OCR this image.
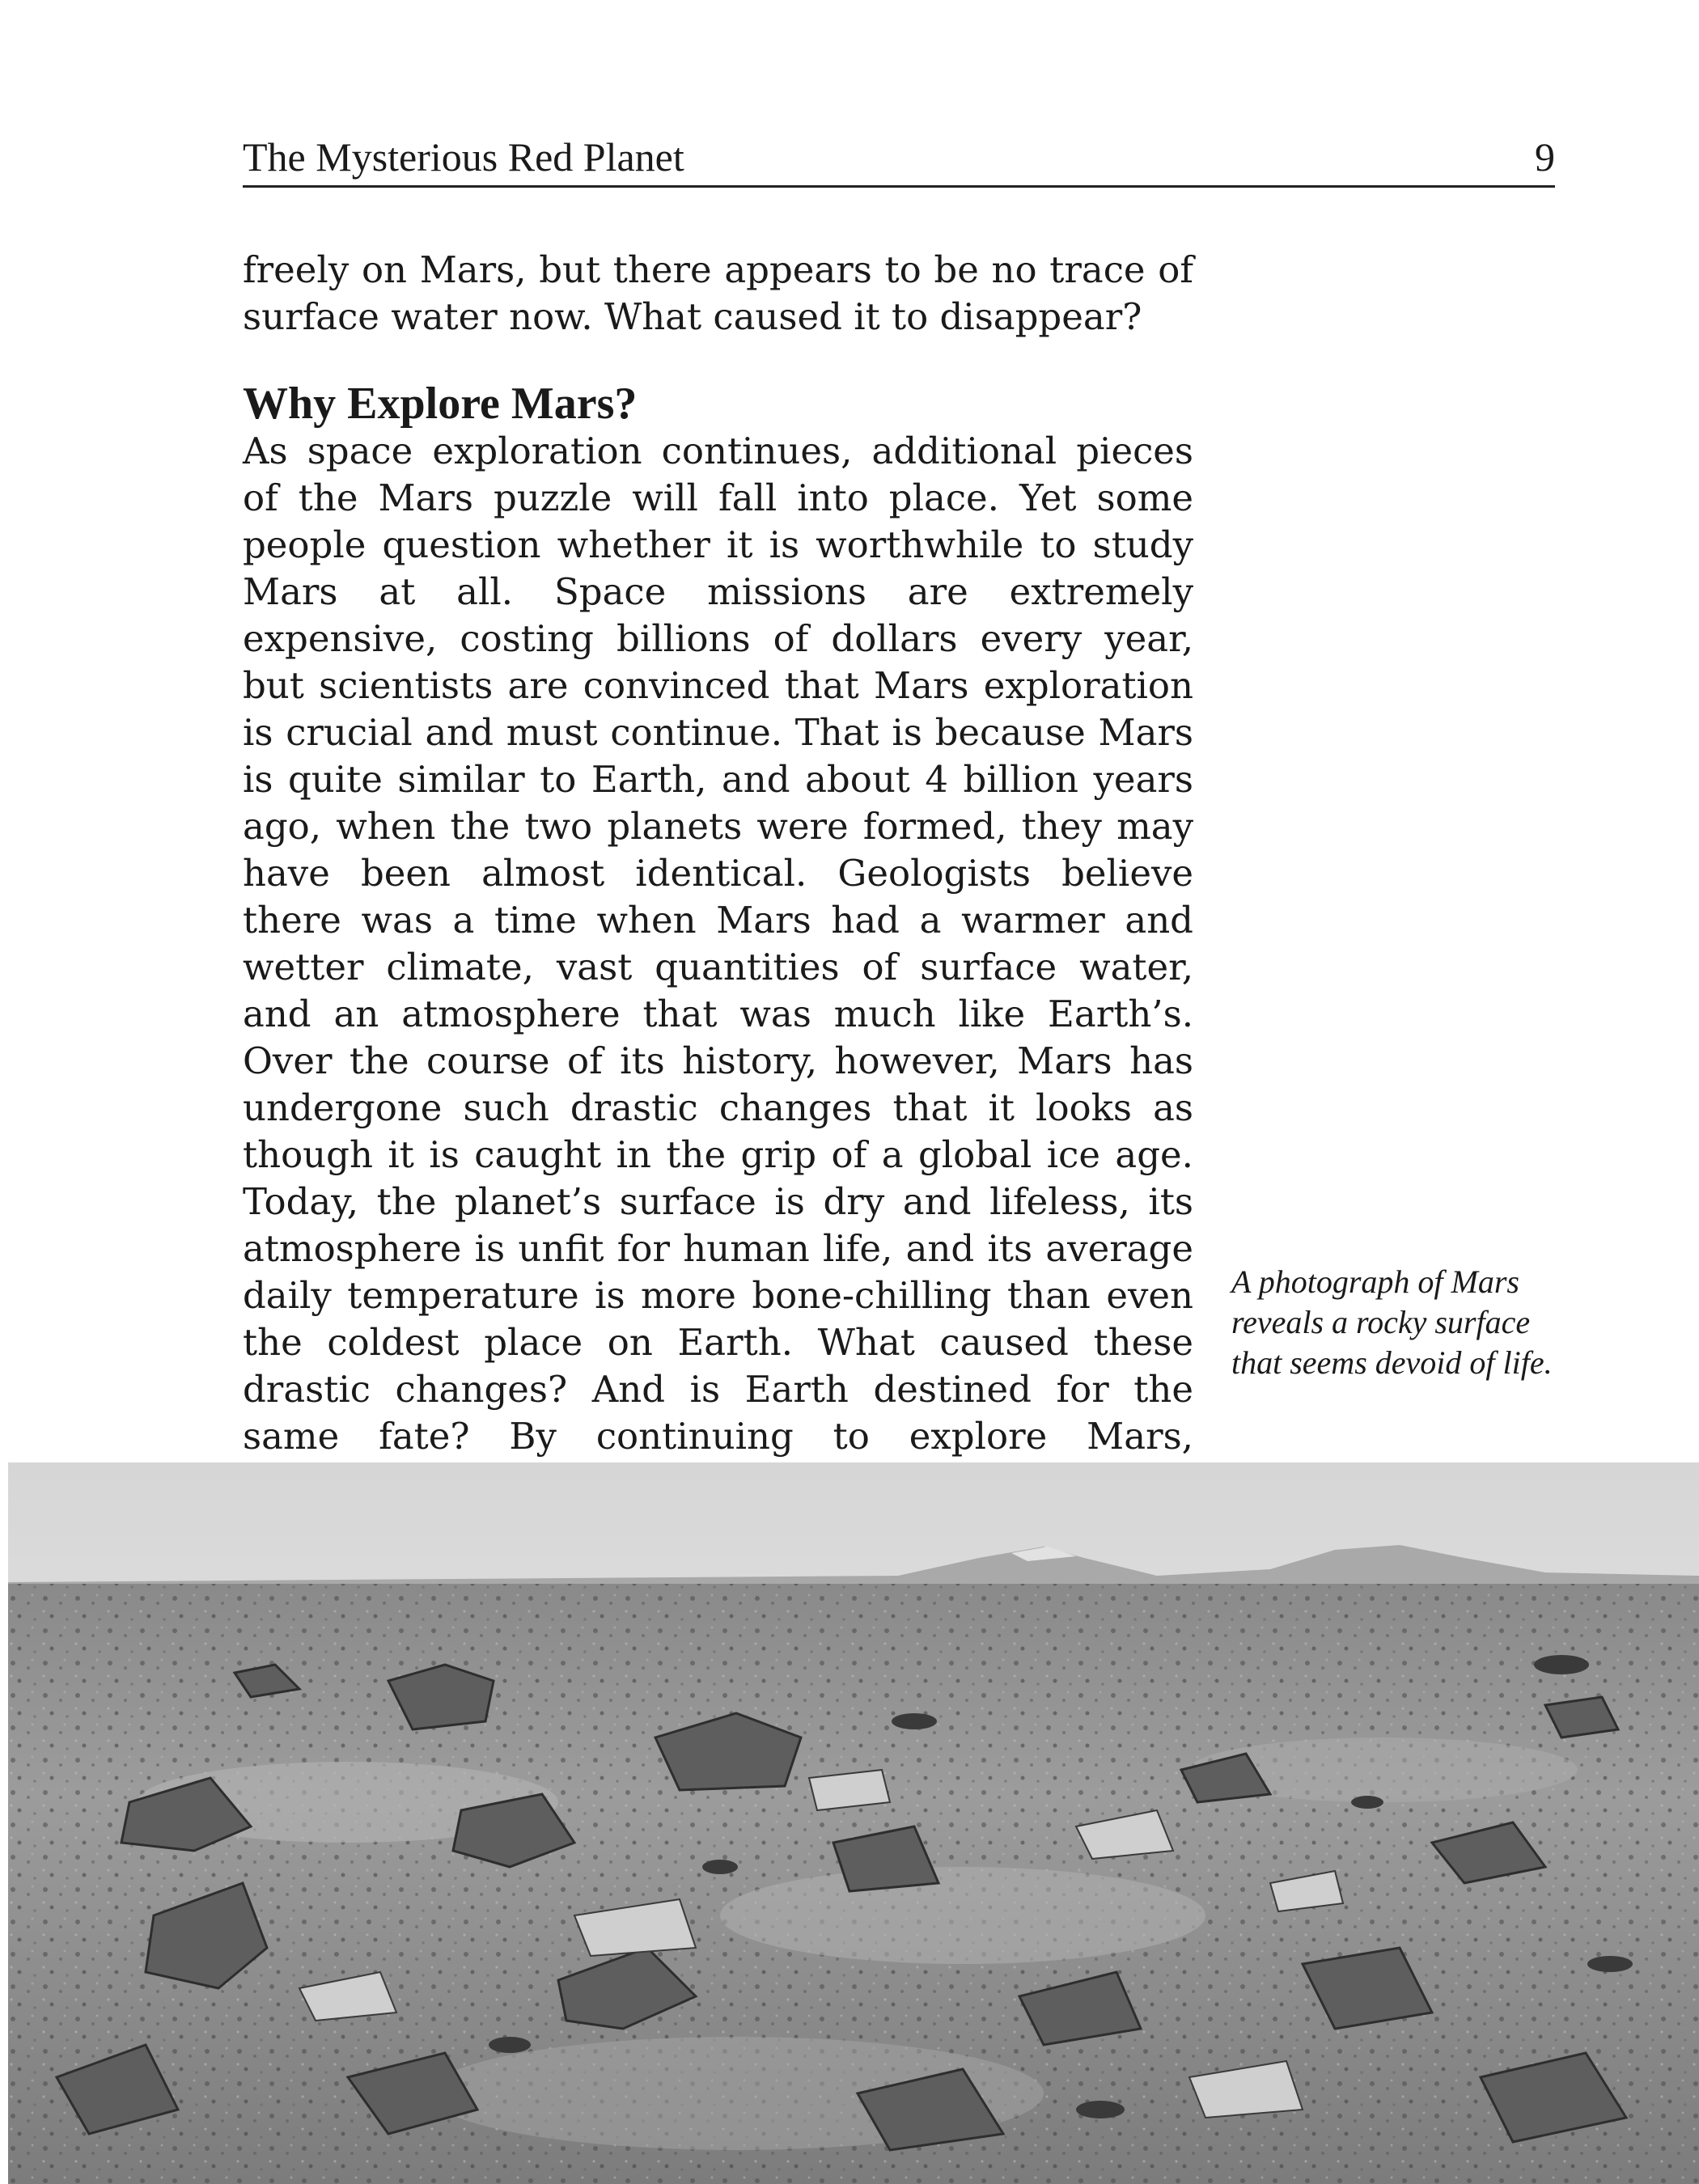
The Mysterious Red Planet	9

freely on Mars, but there appears to be no trace of surface water now. What caused it to disappear?

Why Explore Mars?

As space exploration continues, additional pieces of the Mars puzzle will fall into place. Yet some people question whether it is worthwhile to study Mars at all. Space missions are extremely expensive, costing billions of dollars every year, but scientists are convinced that Mars exploration is crucial and must continue. That is because Mars is quite similar to Earth, and about 4 billion years ago, when the two planets were formed, they may have been almost identical. Geologists believe there was a time when Mars had a warmer and wetter climate, vast quantities of surface water, and an atmosphere that was much like Earth’s. Over the course of its history, however, Mars has undergone such drastic changes that it looks as though it is caught in the grip of a global ice age. Today, the planet’s surface is dry and lifeless, its atmosphere is unfit for human life, and its average daily temperature is more bone-chilling than even the coldest place on Earth. What caused these drastic changes? And is Earth destined for the same fate? By continuing to explore Mars,

A photograph of Mars reveals a rocky surface that seems devoid of life.
